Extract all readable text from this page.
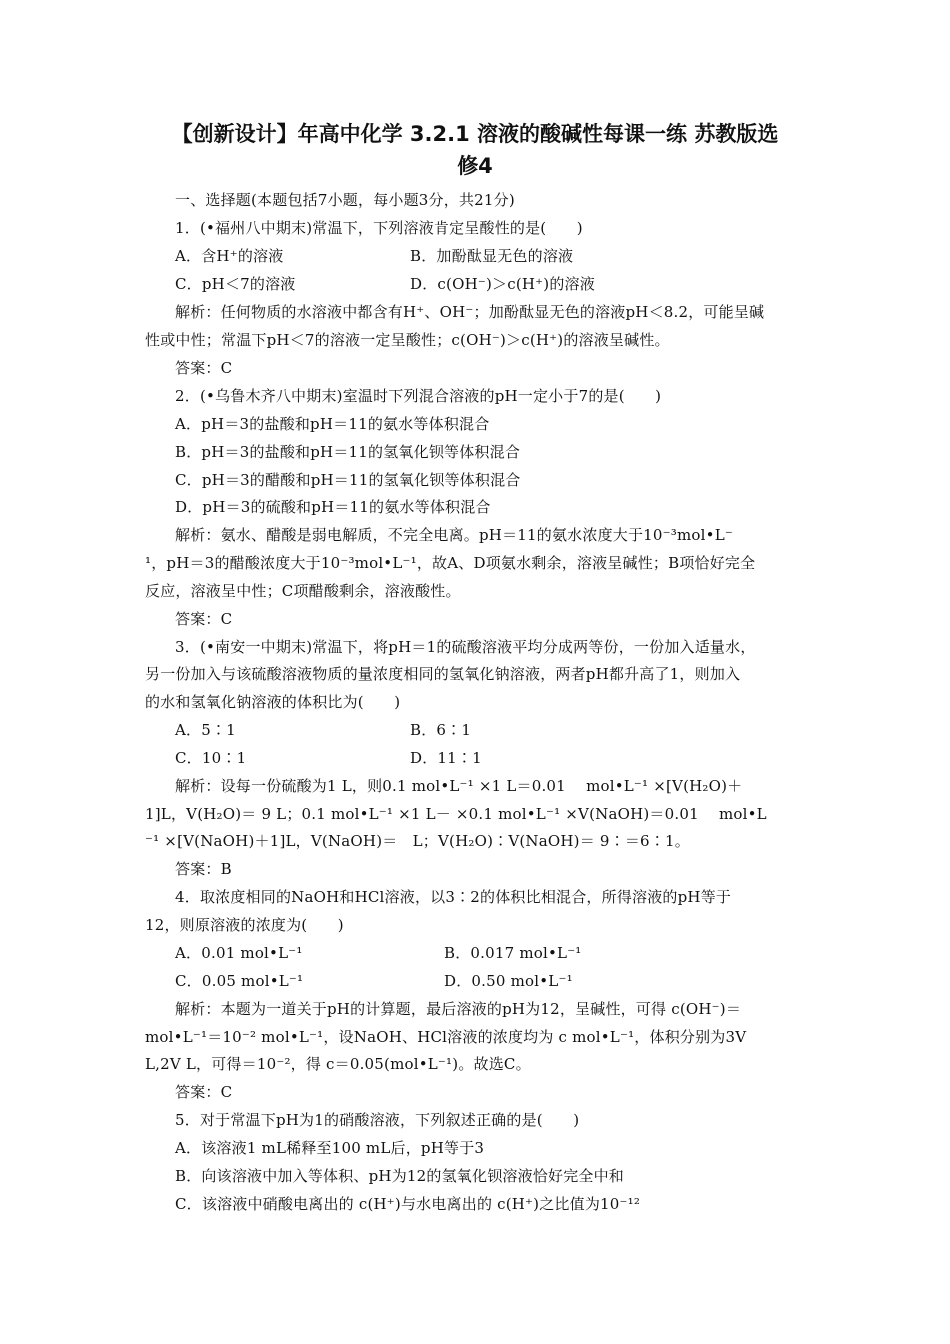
【创新设计】年高中化学 3.2.1 溶液的酸碱性每课一练 苏教版选
修4
一、选择题(本题包括7小题，每小题3分，共21分)
1．(•福州八中期末)常温下，下列溶液肯定呈酸性的是(　　)
A．含H⁺的溶液	B．加酚酞显无色的溶液
C．pH＜7的溶液	D．c(OH⁻)＞c(H⁺)的溶液
解析：任何物质的水溶液中都含有H⁺、OH⁻；加酚酞显无色的溶液pH＜8.2，可能呈碱
性或中性；常温下pH＜7的溶液一定呈酸性；c(OH⁻)＞c(H⁺)的溶液呈碱性。
答案：C
2．(•乌鲁木齐八中期末)室温时下列混合溶液的pH一定小于7的是(　　)
A．pH＝3的盐酸和pH＝11的氨水等体积混合
B．pH＝3的盐酸和pH＝11的氢氧化钡等体积混合
C．pH＝3的醋酸和pH＝11的氢氧化钡等体积混合
D．pH＝3的硫酸和pH＝11的氨水等体积混合
解析：氨水、醋酸是弱电解质，不完全电离。pH＝11的氨水浓度大于10⁻³mol•L⁻
¹，pH＝3的醋酸浓度大于10⁻³mol•L⁻¹，故A、D项氨水剩余，溶液呈碱性；B项恰好完全
反应，溶液呈中性；C项醋酸剩余，溶液酸性。
答案：C
3．(•南安一中期末)常温下，将pH＝1的硫酸溶液平均分成两等份，一份加入适量水，
另一份加入与该硫酸溶液物质的量浓度相同的氢氧化钠溶液，两者pH都升高了1，则加入
的水和氢氧化钠溶液的体积比为(　　)
A．5∶1	B．6∶1
C．10∶1	D．11∶1
解析：设每一份硫酸为1 L，则0.1 mol•L⁻¹ ×1 L＝0.01　 mol•L⁻¹ ×[V(H₂O)＋
1]L，V(H₂O)＝ 9 L；0.1 mol•L⁻¹ ×1 L－ ×0.1 mol•L⁻¹ ×V(NaOH)＝0.01　 mol•L
⁻¹ ×[V(NaOH)＋1]L，V(NaOH)＝　L；V(H₂O)∶V(NaOH)＝ 9∶＝6∶1。
答案：B
4．取浓度相同的NaOH和HCl溶液，以3∶2的体积比相混合，所得溶液的pH等于
12，则原溶液的浓度为(　　)
A．0.01 mol•L⁻¹	B．0.017 mol•L⁻¹
C．0.05 mol•L⁻¹	D．0.50 mol•L⁻¹
解析：本题为一道关于pH的计算题，最后溶液的pH为12，呈碱性，可得 c(OH⁻)＝
mol•L⁻¹＝10⁻² mol•L⁻¹，设NaOH、HCl溶液的浓度均为 c mol•L⁻¹，体积分别为3V
L,2V L，可得＝10⁻²，得 c＝0.05(mol•L⁻¹)。故选C。
答案：C
5．对于常温下pH为1的硝酸溶液，下列叙述正确的是(　　)
A．该溶液1 mL稀释至100 mL后，pH等于3
B．向该溶液中加入等体积、pH为12的氢氧化钡溶液恰好完全中和
C．该溶液中硝酸电离出的 c(H⁺)与水电离出的 c(H⁺)之比值为10⁻¹²
